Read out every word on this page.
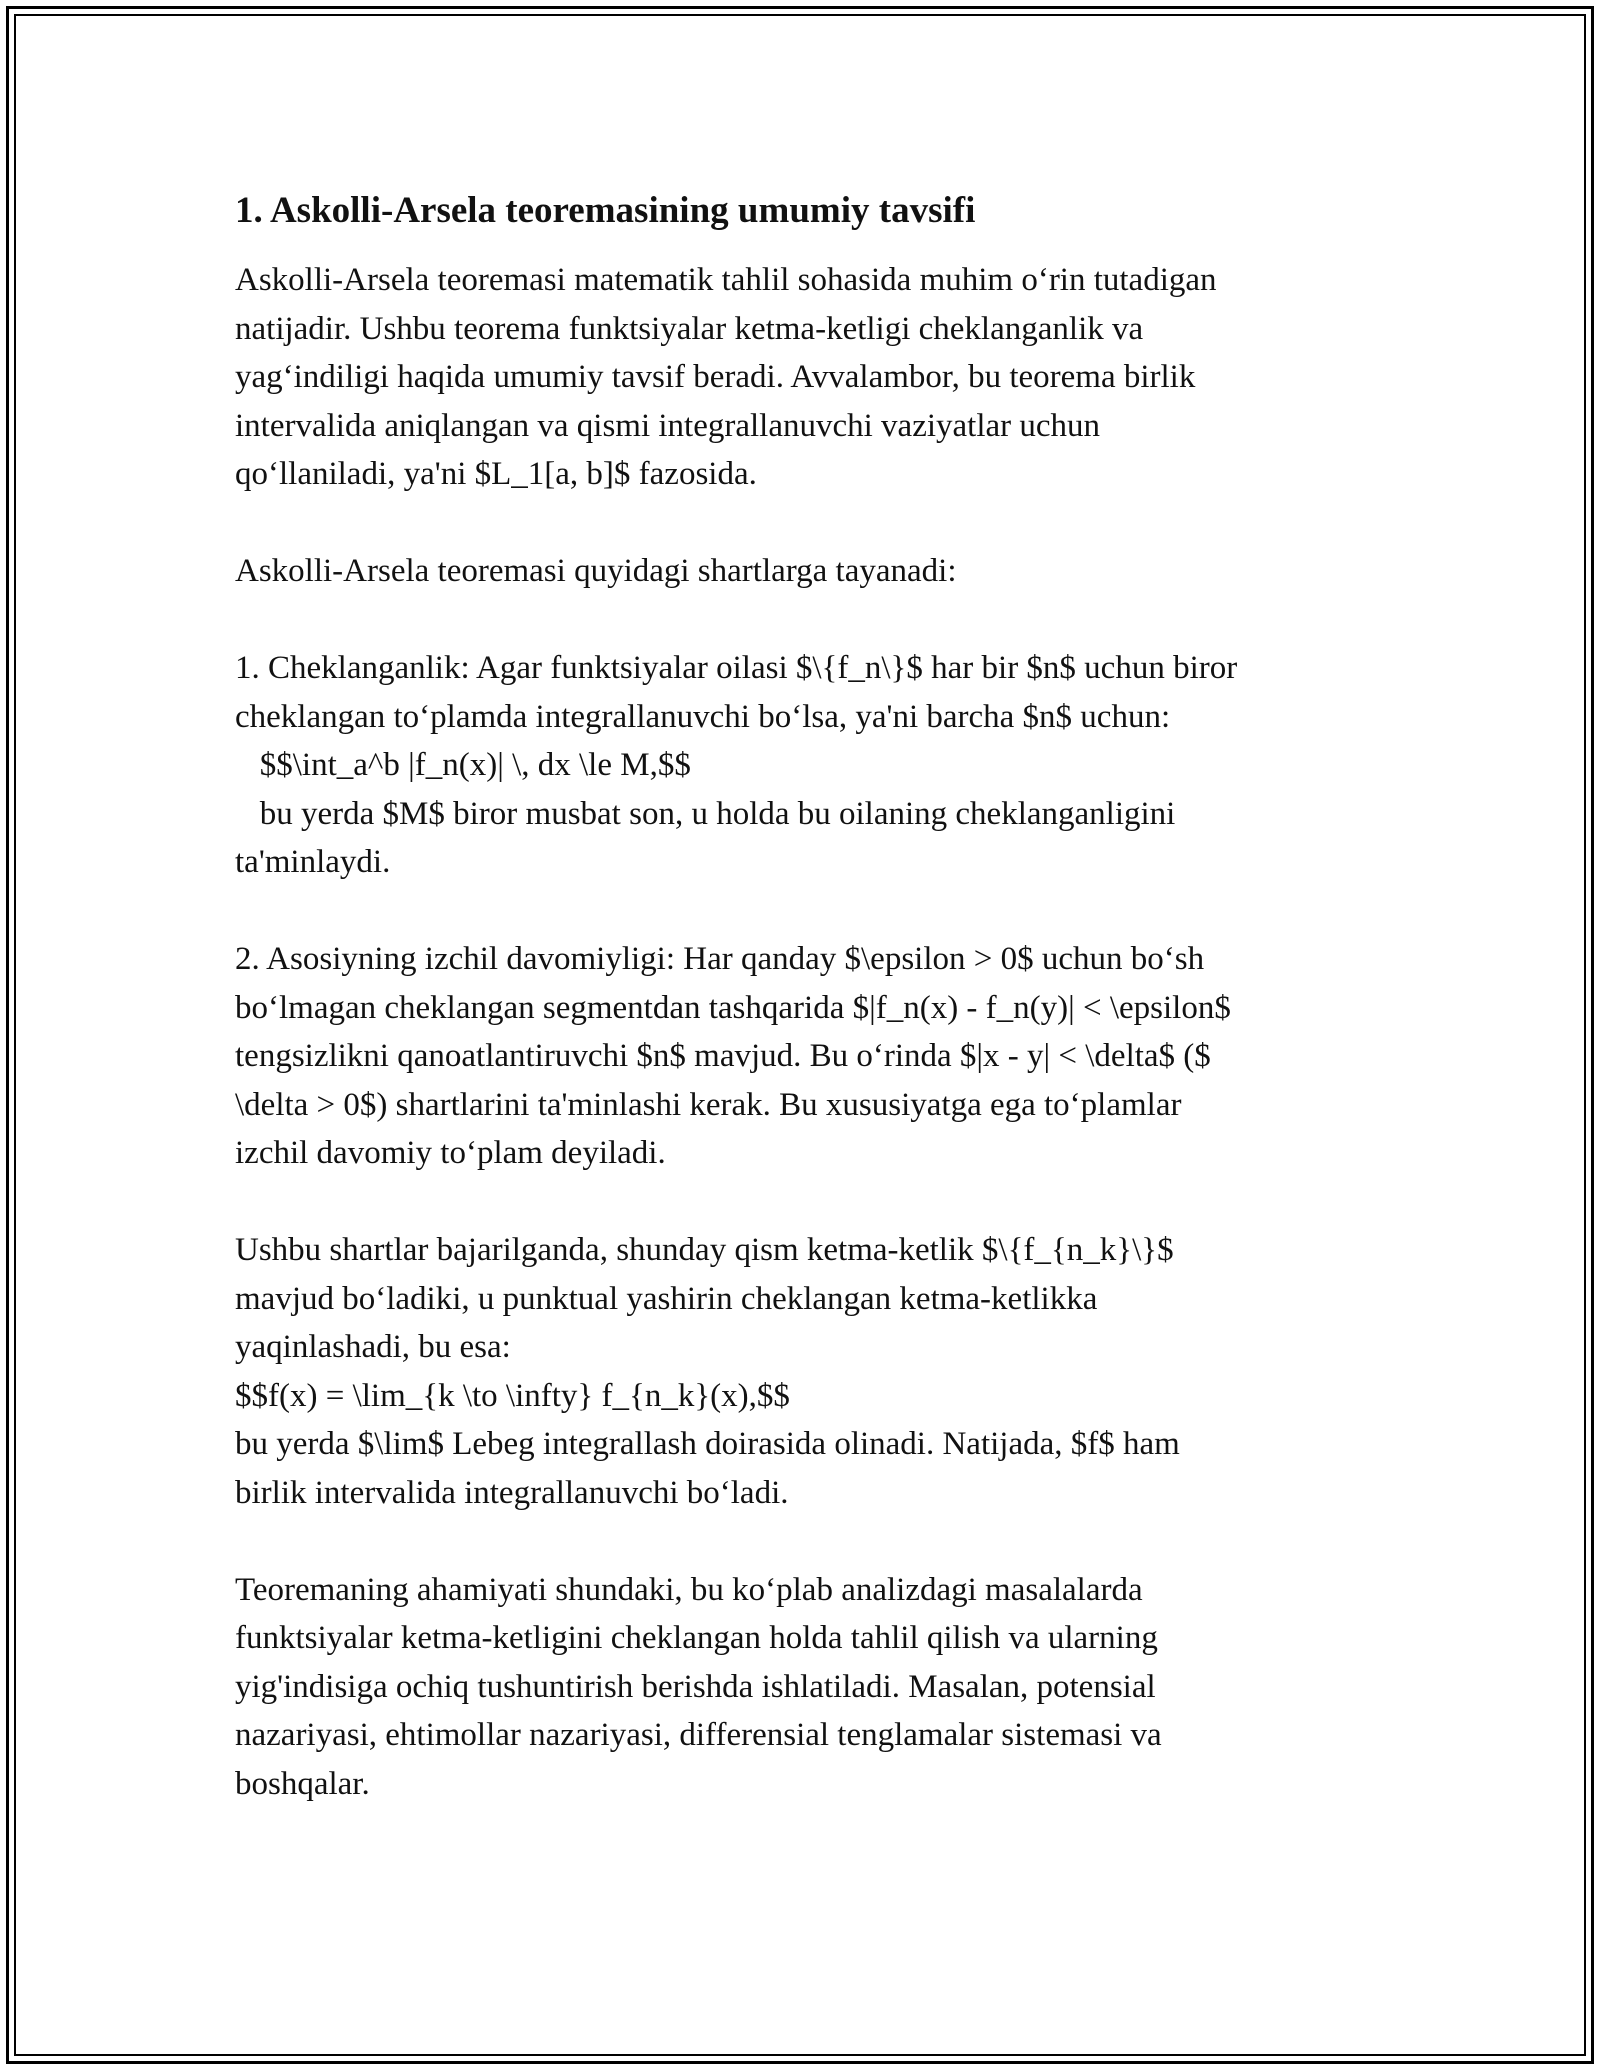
1. Askolli-Arsela teoremasining umumiy tavsifi
Askolli-Arsela teoremasi matematik tahlil sohasida muhim o‘rin tutadigan
natijadir. Ushbu teorema funktsiyalar ketma-ketligi cheklanganlik va
yag‘indiligi haqida umumiy tavsif beradi. Avvalambor, bu teorema birlik
intervalida aniqlangan va qismi integrallanuvchi vaziyatlar uchun
qo‘llaniladi, ya'ni $L_1[a, b]$ fazosida.
Askolli-Arsela teoremasi quyidagi shartlarga tayanadi:
1. Cheklanganlik: Agar funktsiyalar oilasi $\{f_n\}$ har bir $n$ uchun biror
cheklangan to‘plamda integrallanuvchi bo‘lsa, ya'ni barcha $n$ uchun:
$$\int_a^b |f_n(x)| \, dx \le M,$$
bu yerda $M$ biror musbat son, u holda bu oilaning cheklanganligini
ta'minlaydi.
2. Asosiyning izchil davomiyligi: Har qanday $\epsilon > 0$ uchun bo‘sh
bo‘lmagan cheklangan segmentdan tashqarida $|f_n(x) - f_n(y)| < \epsilon$
tengsizlikni qanoatlantiruvchi $n$ mavjud. Bu o‘rinda $|x - y| < \delta$ ($
\delta > 0$) shartlarini ta'minlashi kerak. Bu xususiyatga ega to‘plamlar
izchil davomiy to‘plam deyiladi.
Ushbu shartlar bajarilganda, shunday qism ketma-ketlik $\{f_{n_k}\}$
mavjud bo‘ladiki, u punktual yashirin cheklangan ketma-ketlikka
yaqinlashadi, bu esa:
$$f(x) = \lim_{k \to \infty} f_{n_k}(x),$$
bu yerda $\lim$ Lebeg integrallash doirasida olinadi. Natijada, $f$ ham
birlik intervalida integrallanuvchi bo‘ladi.
Teoremaning ahamiyati shundaki, bu ko‘plab analizdagi masalalarda
funktsiyalar ketma-ketligini cheklangan holda tahlil qilish va ularning
yig'indisiga ochiq tushuntirish berishda ishlatiladi. Masalan, potensial
nazariyasi, ehtimollar nazariyasi, differensial tenglamalar sistemasi va
boshqalar.
